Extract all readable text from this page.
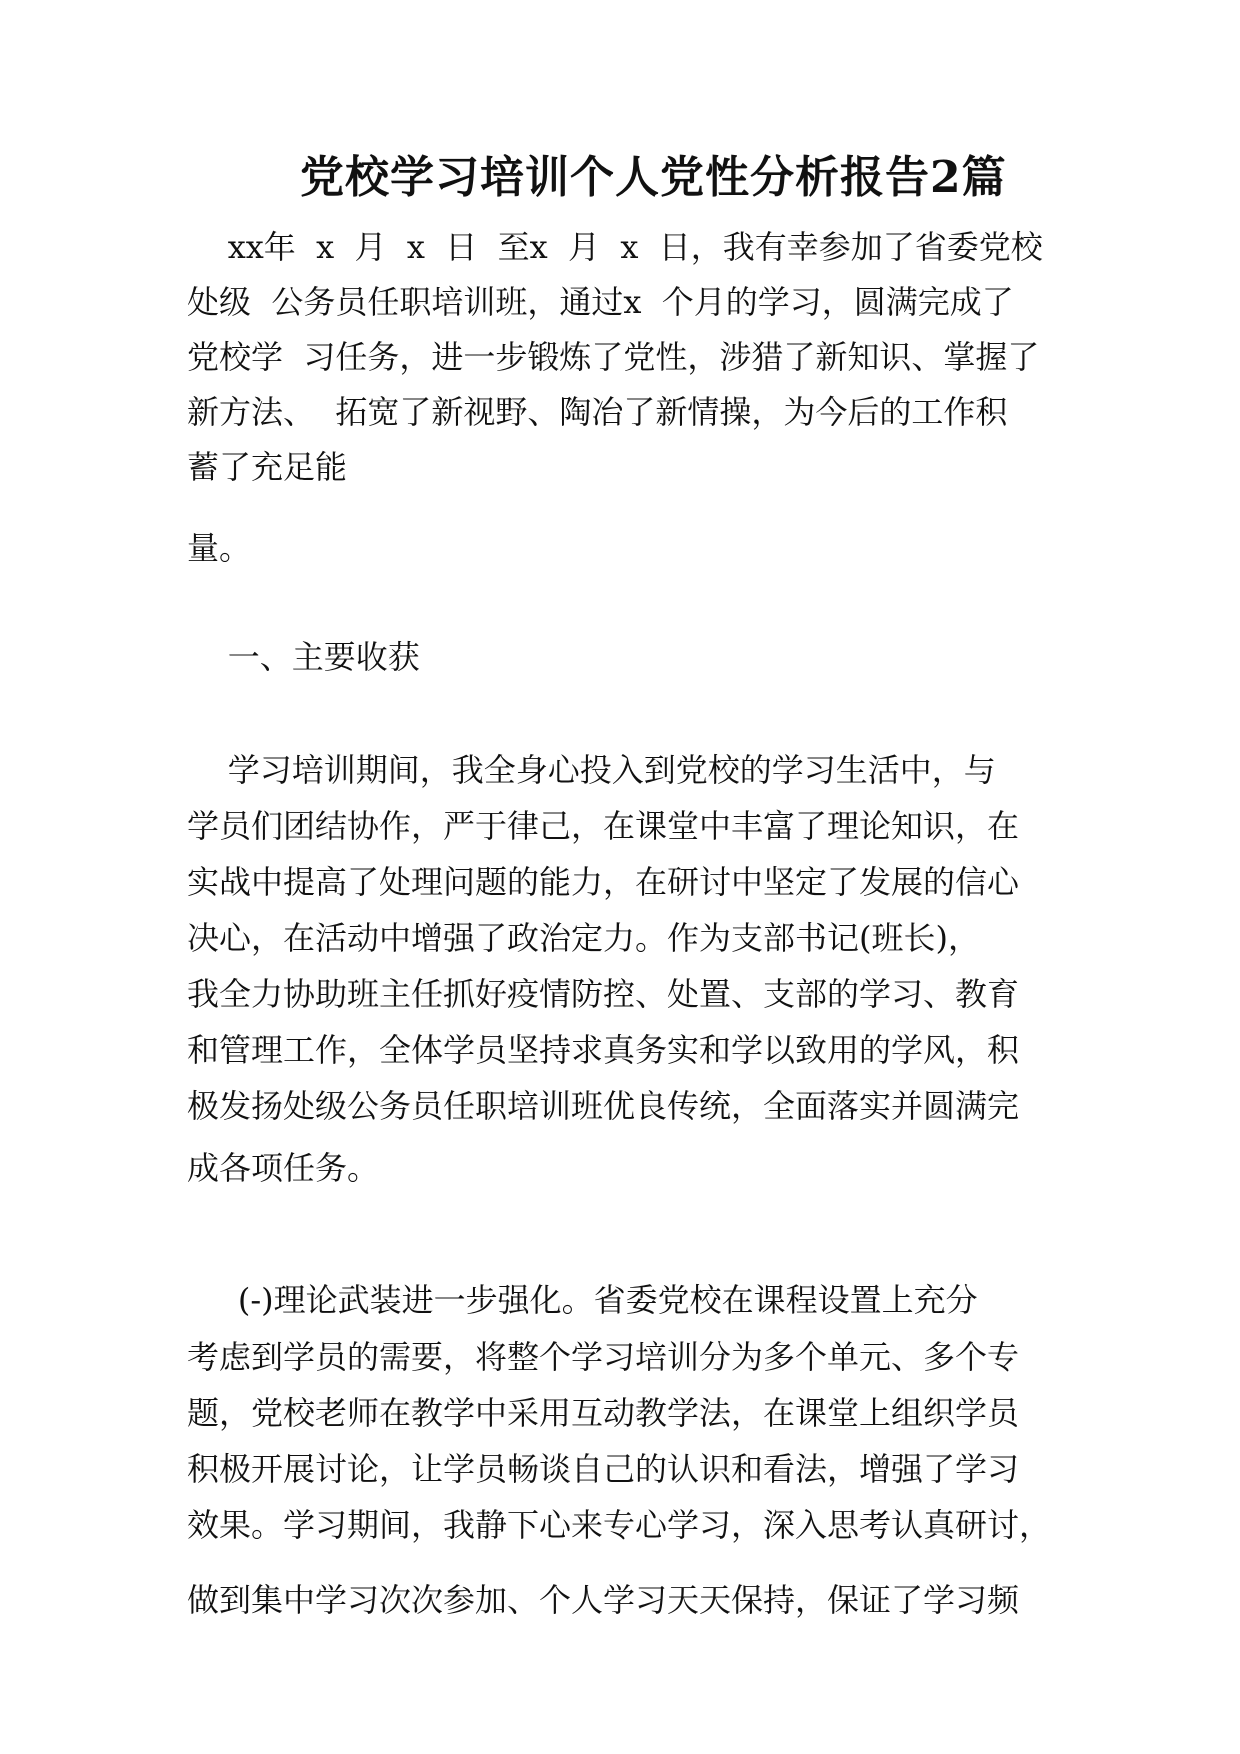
党校学习培训个人党性分析报告2篇
xx年  x  月  x  日  至x  月  x  日，我有幸参加了省委党校
处级  公务员任职培训班，通过x  个月的学习，圆满完成了
党校学  习任务，进一步锻炼了党性，涉猎了新知识、掌握了
新方法、  拓宽了新视野、陶冶了新情操，为今后的工作积
蓄了充足能
量。
一、主要收获
学习培训期间，我全身心投入到党校的学习生活中，与
学员们团结协作，严于律己，在课堂中丰富了理论知识，在
实战中提高了处理问题的能力，在研讨中坚定了发展的信心
决心，在活动中增强了政治定力。作为支部书记(班长)，
我全力协助班主任抓好疫情防控、处置、支部的学习、教育
和管理工作，全体学员坚持求真务实和学以致用的学风，积
极发扬处级公务员任职培训班优良传统，全面落实并圆满完
成各项任务。
(-)理论武装进一步强化。省委党校在课程设置上充分
考虑到学员的需要，将整个学习培训分为多个单元、多个专
题，党校老师在教学中采用互动教学法，在课堂上组织学员
积极开展讨论，让学员畅谈自己的认识和看法，增强了学习
效果。学习期间，我静下心来专心学习，深入思考认真研讨，
做到集中学习次次参加、个人学习天天保持，保证了学习频
